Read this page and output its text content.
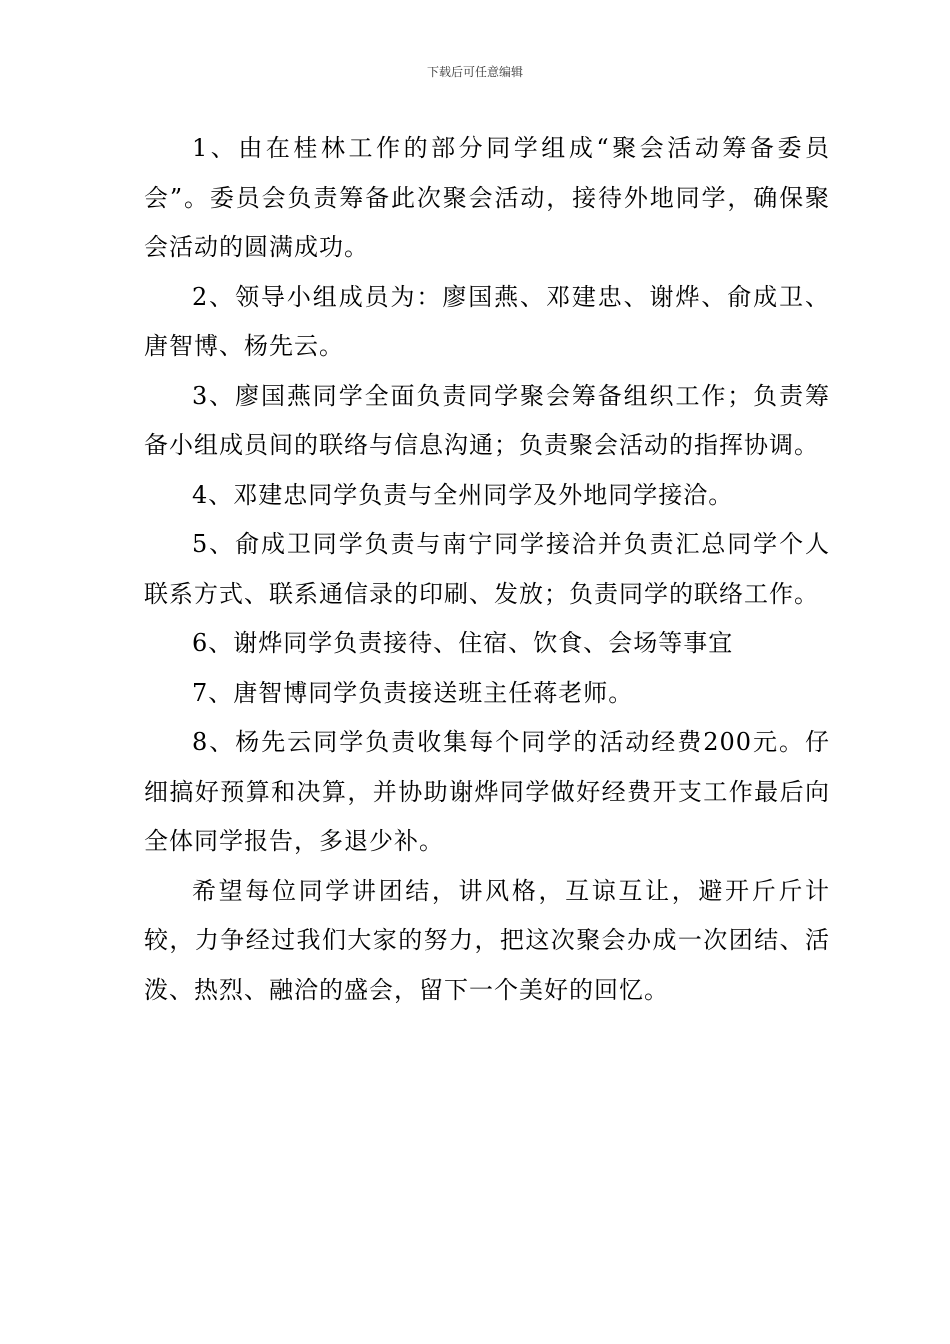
下载后可任意编辑

1、由在桂林工作的部分同学组成“聚会活动筹备委员会”。委员会负责筹备此次聚会活动，接待外地同学，确保聚会活动的圆满成功。

2、领导小组成员为：廖国燕、邓建忠、谢烨、俞成卫、唐智博、杨先云。

3、廖国燕同学全面负责同学聚会筹备组织工作；负责筹备小组成员间的联络与信息沟通；负责聚会活动的指挥协调。

4、邓建忠同学负责与全州同学及外地同学接洽。

5、俞成卫同学负责与南宁同学接洽并负责汇总同学个人联系方式、联系通信录的印刷、发放；负责同学的联络工作。

6、谢烨同学负责接待、住宿、饮食、会场等事宜

7、唐智博同学负责接送班主任蒋老师。

8、杨先云同学负责收集每个同学的活动经费200元。仔细搞好预算和决算，并协助谢烨同学做好经费开支工作最后向全体同学报告，多退少补。

希望每位同学讲团结，讲风格，互谅互让，避开斤斤计较，力争经过我们大家的努力，把这次聚会办成一次团结、活泼、热烈、融洽的盛会，留下一个美好的回忆。
